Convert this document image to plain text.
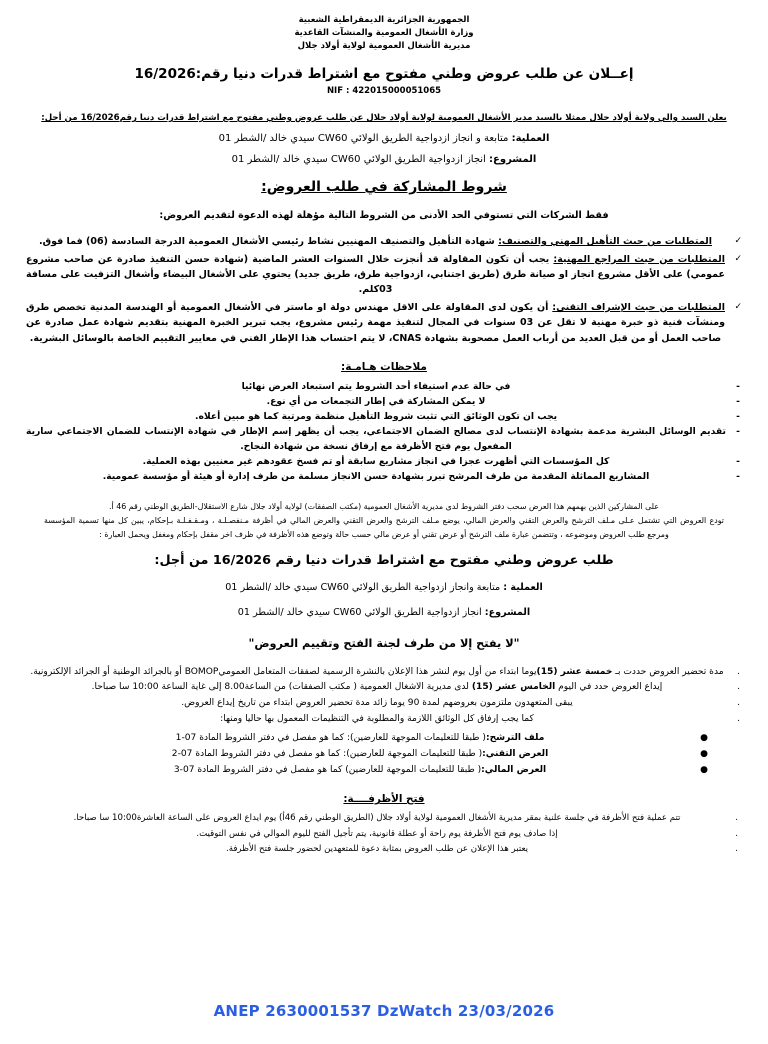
الجمهورية الجزائرية الديمقراطية الشعبية
وزارة الأشغال العمومية والمنشآت القاعدية
مديرية الأشغال العمومية لولاية أولاد جلال
إعــلان عن طلب عروض وطني مفتوح مع اشتراط قدرات دنيا رقم:16/2026
NIF : 422015000051065
يعلن السيد والي ولاية أولاد جلال ممثلا بالسيد مدير الأشغال العمومية لولاية أولاد جلال عن طلب عروض وطني مفتوح مع اشتراط قدرات دنيا رقم16/2026 من أجل:
العملية: متابعة و انجاز ازدواجية الطريق الولائي CW60 سيدي خالد /الشطر 01
المشروع: انجاز ازدواجية الطريق الولائي CW60 سيدي خالد /الشطر 01
شروط المشاركة في طلب العروض:
فقط الشركات التي تستوفي الحد الأدنى من الشروط التالية مؤهلة لهذه الدعوة لتقديم العروض:
✓
المتطلبات من حيث التأهيل المهني والتصنيف: شهادة التأهيل والتصنيف المهنيين نشاط رئيسي الأشغال العمومية الدرجة السادسة (06) فما فوق.
✓
المتطلبات من حيث المراجع المهنية: يجب أن تكون المقاولة قد أنجزت خلال السنوات العشر الماضية (شهادة حسن التنفيذ صادرة عن صاحب مشروع عمومي) على الأقل مشروع انجاز او صيانة طرق (طريق اجتنابي، ازدواجية طرق، طريق جديد) يحتوي على الأشغال البيضاء وأشغال التزفيت على مسافة 03كلم.
✓
المتطلبات من حيث الإشراف التقني: أن يكون لدى المقاولة على الاقل مهندس دولة او ماستر في الأشغال العمومية أو الهندسة المدنية تخصص طرق ومنشآت فنية ذو خبرة مهنية لا تقل عن 03 سنوات في المجال لتنفيذ مهمة رئيس مشروع، يجب تبرير الخبرة المهنية بتقديم شهادة عمل صادرة عن صاحب العمل أو من قبل العديد من أرباب العمل مصحوبة بشهادة CNAS، لا يتم احتساب هذا الإطار الفني في معايير التقييم الخاصة بالوسائل البشرية.
ملاحظات هـامـة:
-
في حالة عدم استيفاء أحد الشروط يتم استبعاد العرض نهائيا
-
لا يمكن المشاركة في إطار التجمعات من أي نوع.
-
يجب ان تكون الوثائق التي تثبت شروط التأهيل منظمة ومرتبة كما هو مبين أعلاه.
-
تقديم الوسائل البشرية مدعمة بشهادة الإنتساب لدى مصالح الضمان الاجتماعي، يجب أن يظهر إسم الإطار في شهادة الإنتساب للضمان الاجتماعي سارية المفعول يوم فتح الأظرفة مع إرفاق نسخة من شهادة النجاح.
-
كل المؤسسات التي أظهرت عجزا في انجاز مشاريع سابقة أو تم فسخ عقودهم غير معنيين بهذه العملية.
-
المشاريع المماثلة المقدمة من طرف المرشح تبرر بشهادة حسن الانجاز مسلمة من طرف إدارة أو هيئة أو مؤسسة عمومية.

على المشاركين الذين بهمهم هذا العرض سحب دفتر الشروط لدى مديرية الأشغال العمومية (مكتب الصفقات) لولاية أولاد جلال شارع الاستقلال-الطريق الوطني رقم 46 أ.

تودع العروض التي تشتمل عـلى مـلف الترشح والعرض التقني والعرض المالي، يوضع مـلف الترشح والعرض التقني والعرض المالي في أظرفة مـنفصـلـة ، ومـقـفـلـة بـإحكام، يبين كل منها تسمية المؤسسة ومرجع طلب العروض وموضوعه ، وتتضمن عبارة ملف الترشح أو عرض تقني أو عرض مالي حسب حالة وتوضع هذه الأظرفة في ظرف اخر مقفل بإحكام ومغفل ويحمل العبارة :

طلب عروض وطني مفتوح مع اشتراط قدرات دنيا رقم 16/2026 من أجل:
العملية : متابعة وانجاز ازدواجية الطريق الولائي CW60 سيدي خالد /الشطر 01
المشروع: انجاز ازدواجية الطريق الولائي CW60 سيدي خالد /الشطر 01
"لا يفتح إلا من طرف لجنة الفتح وتقييم العروض"
.
مدة تحضير العروض حددت بـ خمسة عشر (15)يوما ابتداء من أول يوم لنشر هذا الإعلان بالنشرة الرسمية لصفقات المتعامل العموميBOMOP أو بالجرائد الوطنية أو الجرائد الإلكترونية.
.
إيداع العروض حدد في اليوم الخامس عشر (15) لدى مديرية الاشغال العمومية ( مكتب الصفقات) من الساعة8.00 إلى غاية الساعة 10:00 سا صباحا.
.
يبقى المتعهدون ملتزمون بعروضهم لمدة 90 يوما زائد مدة تحضير العروض ابتداء من تاريخ إيداع العروض.
.
كما يجب إرفاق كل الوثائق اللازمة والمطلوبة في التنظيمات المعمول بها حاليا ومنها:
●
ملف الترشح:( طبقا للتعليمات الموجهة للعارضين): كما هو مفصل في دفتر الشروط المادة 07-1
●
العرض التقني:( طبقا للتعليمات الموجهة للعارضين): كما هو مفصل في دفتر الشروط المادة 07-2
●
العرض المالي:( طبقا للتعليمات الموجهة للعارضين) كما هو مفصل في دفتر الشروط المادة 07-3
فتح الأظرفــــة:
.
تتم عملية فتح الأظرفة في جلسة علنية بمقر مديرية الأشغال العمومية لولاية أولاد جلال (الطريق الوطني رقم 46أ) يوم ايداع العروض على الساعة العاشرة10:00 سا صباحا.
.
إذا صادف يوم فتح الأظرفة يوم راحة أو عطلة قانونية، يتم تأجيل الفتح لليوم الموالي في نفس التوقيت.
.
يعتبر هذا الإعلان عن طلب العروض بمثابة دعوة للمتعهدين لحضور جلسة فتح الأظرفة.
ANEP 2630001537 DzWatch 23/03/2026
